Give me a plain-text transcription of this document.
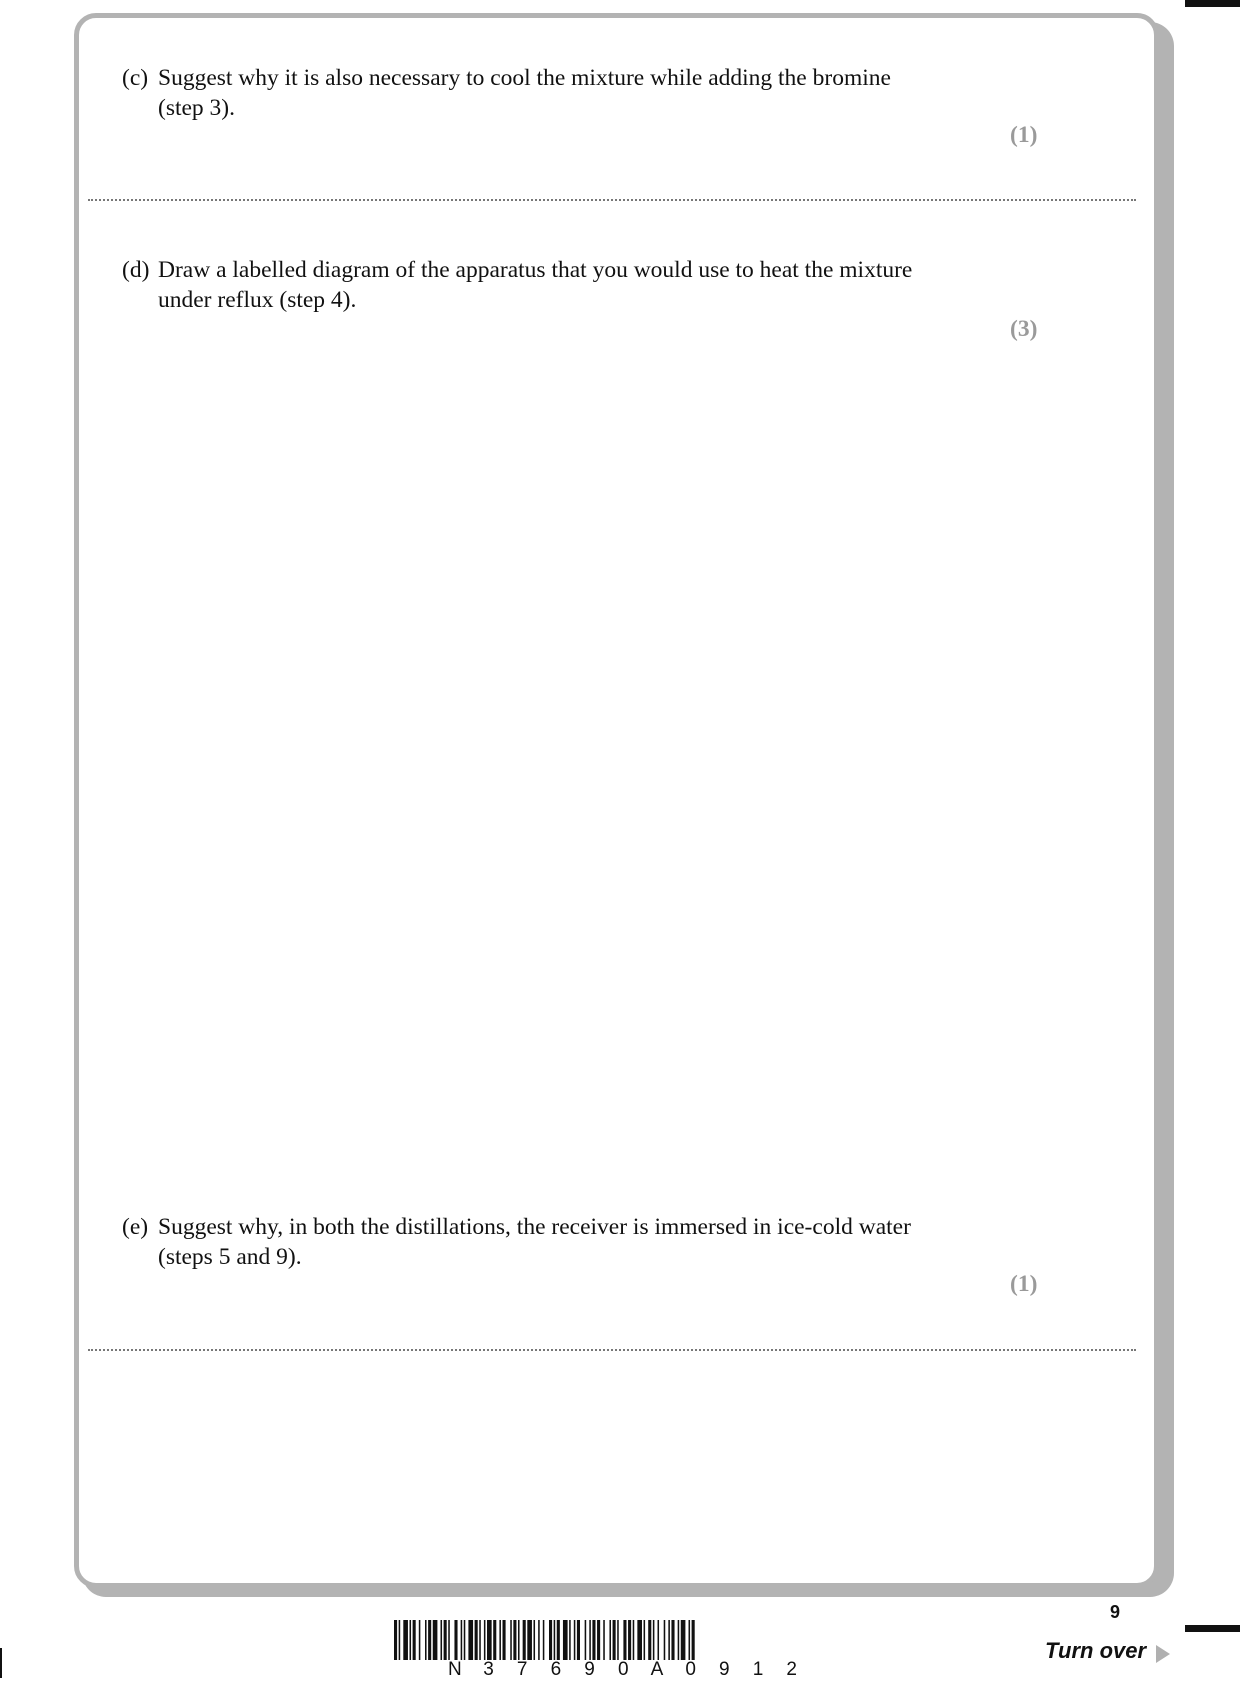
(c) Suggest why it is also necessary to cool the mixture while adding the bromine
(step 3).
(1)
(d) Draw a labelled diagram of the apparatus that you would use to heat the mixture
under reflux (step 4).
(3)
(e) Suggest why, in both the distillations, the receiver is immersed in ice-cold water
(steps 5 and 9).
(1)
N 3 7 6 9 0 A 0 9 1 2
9
Turn over
